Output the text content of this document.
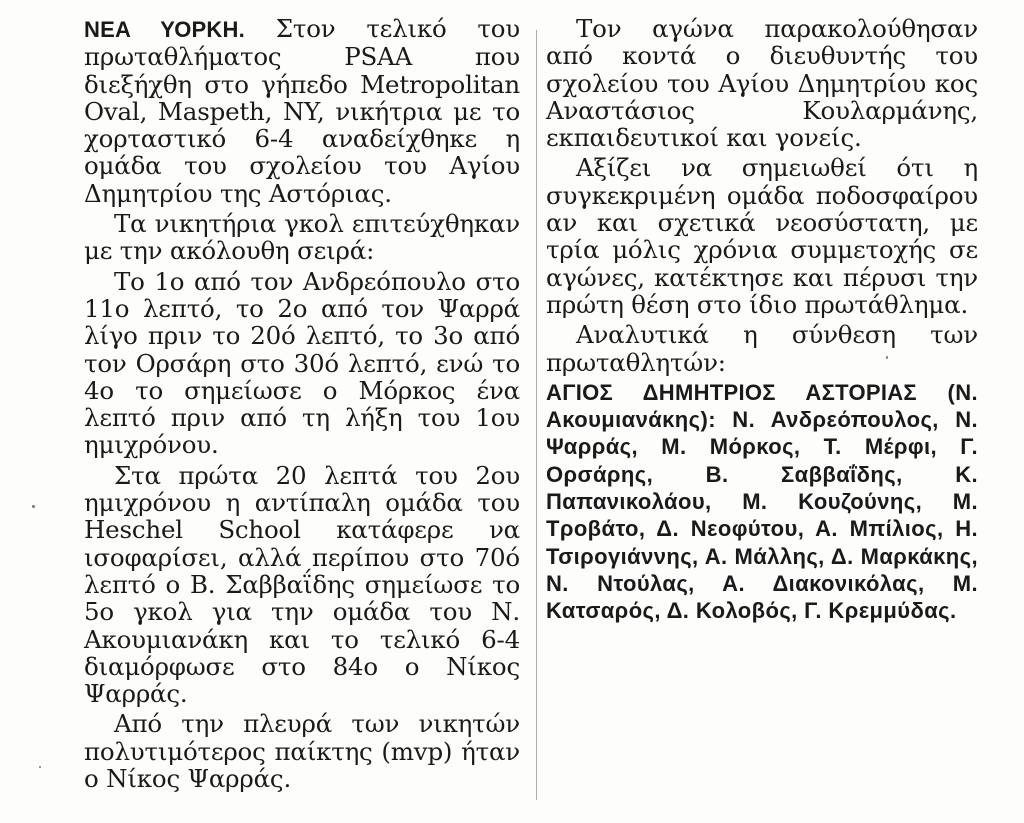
ΝΕΑ ΥΟΡΚΗ. Στον τελικό του πρωταθλήματος PSAA που διεξήχθη στο γήπεδο Metropolitan Oval, Maspeth, NY, νικήτρια με το χορταστικό 6-4 αναδείχθηκε η ομάδα του σχολείου του Αγίου Δημητρίου της Αστόριας.

Τα νικητήρια γκολ επιτεύχθηκαν με την ακόλουθη σειρά:

Το 1ο από τον Ανδρεόπουλο στο 11ο λεπτό, το 2ο από τον Ψαρρά λίγο πριν το 20ό λεπτό, το 3ο από τον Ορσάρη στο 30ό λεπτό, ενώ το 4ο το σημείωσε ο Μόρκος ένα λεπτό πριν από τη λήξη του 1ου ημιχρόνου.

Στα πρώτα 20 λεπτά του 2ου ημιχρόνου η αντίπαλη ομάδα του Heschel School κατάφερε να ισοφαρίσει, αλλά περίπου στο 70ό λεπτό ο Β. Σαββαΐδης σημείωσε το 5ο γκολ για την ομάδα του Ν. Ακουμιανάκη και το τελικό 6-4 διαμόρφωσε στο 84ο ο Νίκος Ψαρράς.

Από την πλευρά των νικητών πολυτιμότερος παίκτης (mvp) ήταν ο Νίκος Ψαρράς.

Τον αγώνα παρακολούθησαν από κοντά ο διευθυντής του σχολείου του Αγίου Δημητρίου κος Αναστάσιος Κουλαρμάνης, εκπαιδευτικοί και γονείς.

Αξίζει να σημειωθεί ότι η συγκεκριμένη ομάδα ποδοσφαίρου αν και σχετικά νεοσύστατη, με τρία μόλις χρόνια συμμετοχής σε αγώνες, κατέκτησε και πέρυσι την πρώτη θέση στο ίδιο πρωτάθλημα.

Αναλυτικά η σύνθεση των πρωταθλητών:

ΑΓΙΟΣ ΔΗΜΗΤΡΙΟΣ ΑΣΤΟΡΙΑΣ (Ν. Ακουμιανάκης): Ν. Ανδρεόπουλος, Ν. Ψαρράς, Μ. Μόρκος, Τ. Μέρφι, Γ. Ορσάρης, Β. Σαββαΐδης, Κ. Παπανικολάου, Μ. Κουζούνης, Μ. Τροβάτο, Δ. Νεοφύτου, Α. Μπίλιος, Η. Τσιρογιάννης, Α. Μάλλης, Δ. Μαρκάκης, Ν. Ντούλας, Α. Διακονικόλας, Μ. Κατσαρός, Δ. Κολοβός, Γ. Κρεμμύδας.
